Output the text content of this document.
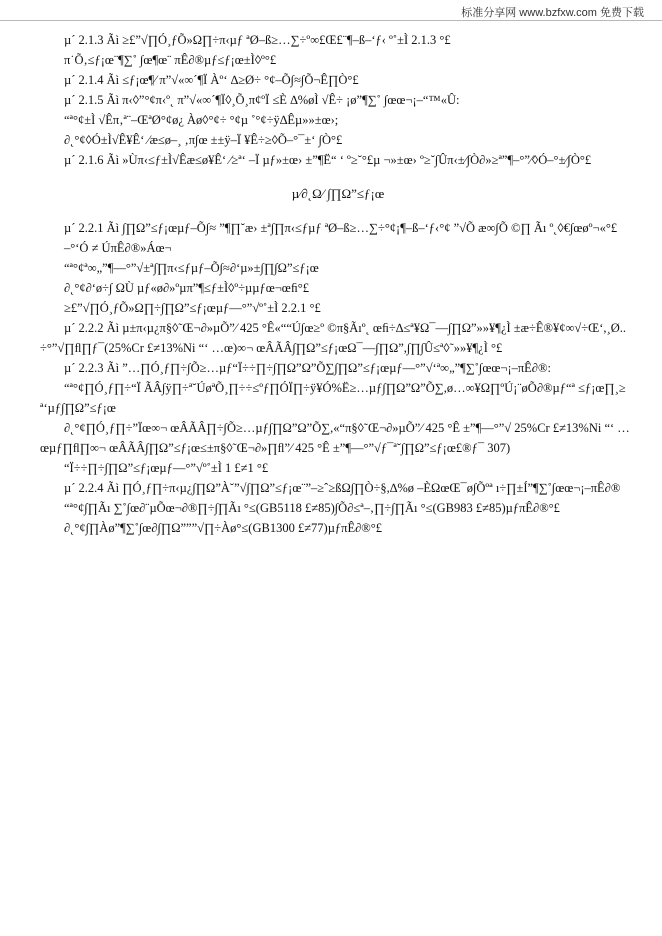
标准分享网 www.bzfxw.com 免费下载
µ´ 2.1.3 Ãì ≥£”√∏Ó¸ƒÕ»Ω∏÷π‹µƒ ªØ–ß≥…∑÷º∞£Œ£¨¶–ß–‘ƒ‹ º˚±Ì 2.1.3 °£
π˙Õ‚≤ƒ¡œ¨¶∑˚ ∫œ¶œ¨ πÊ∂®µƒ≤ƒ¡œ±Ì◊º°£
µ´ 2.1.4 Ãì ≤ƒ¡œ¶⁄ π”√«∞´¶Ï Àº‘ ∆≥Ø÷ °¢–Õ∫≈∫Õ¬Ê∏Ò°£
µ´ 2.1.5 Ãì π‹◊”°¢π‹º˛ π”√«∞´¶Ï◊¸Õ¸π¢ºÏ ≤È ∆%øÌ √Ê÷ ¡ø”¶∑˚ ∫œœ¬¡–“™«Û:
“ª°¢±Ì √Êπ‚ª¨–ŒªØ°¢ø¿ Àø◊°¢÷ °¢µ ˚°¢÷ÿ∆Êµ»»±œ›;
∂˛°¢◊Ó±Ì√Ê¥Ê‘ ⁄æ≤ø–¸ ‚π∫œ ±±ÿ–Ï ¥Ê÷≥◊Õ–°¯±‘ ∫Ò°£
µ´ 2.1.6 Ãì »Ùπ‹≤ƒ±Ì√Êæ≤ø¥Ê‘ ⁄≥ª‘ –Ï µƒ»±œ› ±”¶Ë“ ‘ º≥˘°£µ ¬»±œ› º≥˘∫Ûπ‹±⁄∫Ò∂»≥ª”¶–°”⁄◊Ó–°±⁄∫Ò°£
µ⁄∂˛Ω⁄ ∫∏Ω”≤ƒ¡œ
µ´ 2.2.1 Ãì ∫∏Ω”≤ƒ¡œµƒ–Õ∫≈ ”¶∏˘æ› ±ª∫∏π‹≤ƒµƒ ªØ–ß≥…∑÷°¢¡¶–ß–‘ƒ‹°¢ ”√Õ æ∞∫Õ ©∏ Ãı º˛◊€∫œøº¬«°£
–°‘Ó ≠ ÚπÊ∂®»Áœ¬
“ª°¢ª∞„”¶—°”√±ª∫∏π‹≤ƒµƒ–Õ∫≈∂‘µ»±∫∏∫Ω”≤ƒ¡œ
∂˛°¢∂‘ø÷∫ ΩÙ µƒ«ø∂»ºµπ”¶≤ƒ±Ì◊º÷µµƒœ¬œﬁ°£
≥£”√∏Ó¸ƒÕ»Ω∏÷∫∏Ω”≤ƒ¡œµƒ—°”√º˚±Ì 2.2.1 °£
µ´ 2.2.2 Ãì µ±π‹µ¿π§◊˜Œ¬∂»µÕ”⁄ 425 °Ê«““Ú∫œ≥º ©π§Ãıº˛ œﬁ÷∆≤ª¥Ω¯––∫∏Ω”»»¥¶¿Ì ±æ÷Ê®¥¢∞√÷Œ‘,¸Ø..÷°”√∏ﬂ∏ƒ¯(25%Cr £≠13%Ni “‘ …œ)∞¬ œÂÃÂ∫∏Ω”≤ƒ¡œΩ¯––∫∏Ω”,∫∏∫Û≤ª◊˜»»¥¶¿Ì °£
µ´ 2.2.3 Ãì ”…∏Ó¸ƒ∏÷∫Õ≥…µƒ“Ï÷÷∏÷∫∏Ω”Ω”Õ∑∫∏Ω”≤ƒ¡œµƒ—°”√‘ª∞„”¶∑˚∫œœ¬¡–πÊ∂®:
“ª°¢∏Ó¸ƒ∏÷“Ï ÃÂ∫ÿ∏÷ª˘ÚøªÕ¸∏÷÷≤ºƒ∏ÓÏ∏÷ÿ¥Ó%Ë≥…µƒ∫∏Ω”Ω”Õ∑,ø…∞¥Ω∏ºÚ¡¨øÕ∂®µƒ“ª ≤ƒ¡œ∏¸≥ª‘µƒ∫∏Ω”≤ƒ¡œ
∂˛°¢∏Ó¸ƒ∏÷”Ïœ∞¬ œÂÃÂ∏÷∫Õ≥…µƒ∫∏Ω”Ω”Õ∑,«“π§◊˜Œ¬∂»µÕ”⁄ 425 °Ê ±”¶—°”√ 25%Cr £≠13%Ni “‘ …œµƒ∏ﬂ∏∞¬ œÂÃÂ∫∏Ω”≤ƒ¡œ≤±π§◊˜Œ¬∂»∏ﬂ”⁄ 425 °Ê ±”¶—°”√ƒ¯ª˘∫∏Ω”≤ƒ¡œ£®ƒ¯ 307)
“Ï÷÷∏÷∫∏Ω”≤ƒ¡œµƒ—°”√º˚±Ì 1 £≠1 °£
µ´ 2.2.4 Ãì ∏Ó¸ƒ∏÷π‹µ¿∫∏Ω”À˘”√∫∏Ω”≤ƒ¡œ¨”–≥ˆ≥ßΩ∫∏Ò÷§,∆%ø –ÈΩœŒ¯ø∫Õºª ı÷∏±Í”¶∑˚∫œœ¬¡–πÊ∂®
“ª°¢∫∏Ãı ∑˚∫œ∂¨µÕœ¬∂®∏÷∫∏Ãı °≤(GB5118 £≠85)∫Õ∂≤ª–‚∏÷∫∏Ãı °≤(GB983 £≠85)µƒπÊ∂®°£
∂˛°¢∫∏Àø”¶∑˚∫œ∂∫∏Ω”””√∏÷Àø°≤(GB1300 £≠77)µƒπÊ∂®°£
